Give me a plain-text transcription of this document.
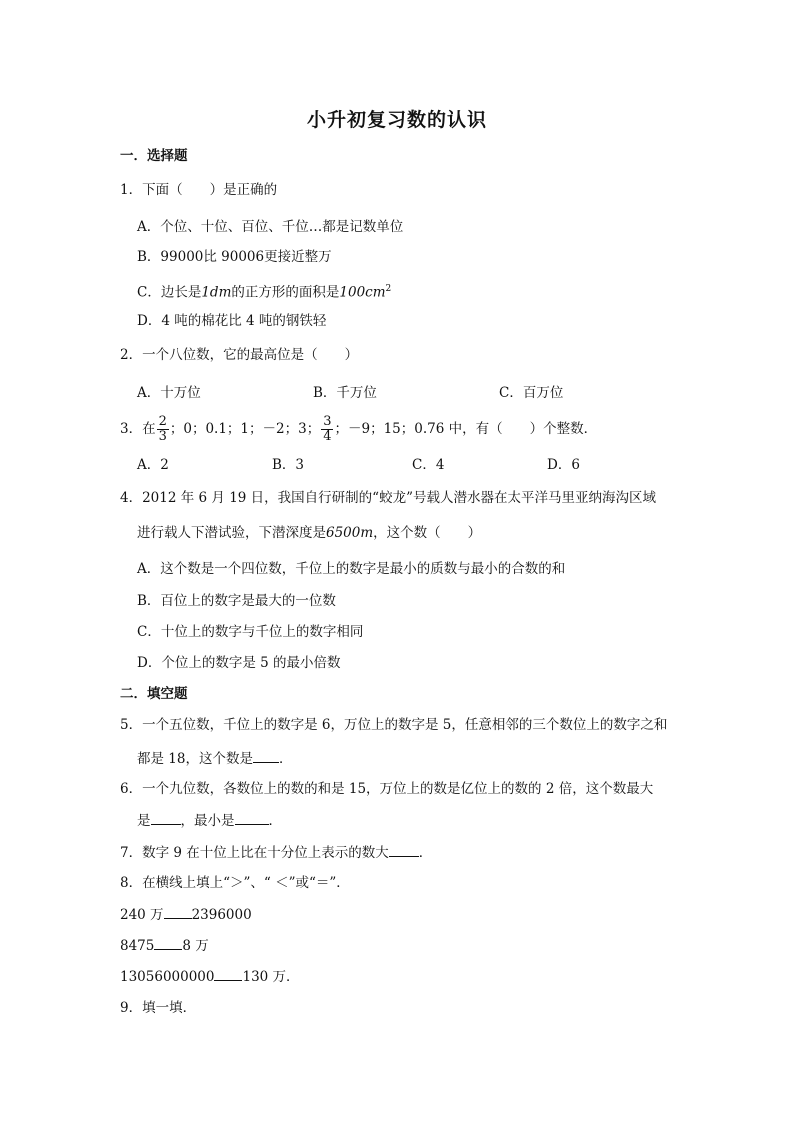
小升初复习数的认识
一．选择题
1．下面（　　）是正确的
A．个位、十位、百位、千位…都是记数单位
B．99000比 90006更接近整万
C．边长是1dm的正方形的面积是$100cm^2$
D．4 吨的棉花比 4 吨的钢铁轻
2．一个八位数，它的最高位是（　　）
A．十万位	B．千万位	C．百万位
3．在 $\frac{2}{3}$ ；0；0.1；1；－2；3； $\frac{3}{4}$ ；－9；15；0.76 中，有（　　）个整数．
A．2	B．3	C．4	D．6
4．2012 年 6 月 19 日，我国自行研制的“蛟龙”号载人潜水器在太平洋马里亚纳海沟区域
进行载人下潜试验，下潜深度是6500m，这个数（　　）
A．这个数是一个四位数，千位上的数字是最小的质数与最小的合数的和
B．百位上的数字是最大的一位数
C．十位上的数字与千位上的数字相同
D．个位上的数字是 5 的最小倍数
二．填空题
5．一个五位数，千位上的数字是 6，万位上的数字是 5，任意相邻的三个数位上的数字之和
都是 18，这个数是 ．
6．一个九位数，各数位上的数的和是 15，万位上的数是亿位上的数的 2 倍，这个数最大
是 ，最小是	．
7．数字 9 在十位上比在十分位上表示的数大 ．
8．在横线上填上“＞”、“ ＜”或“＝”．
240 万 2396000
8475 8 万
13056000000 130 万．
9．填一填．
